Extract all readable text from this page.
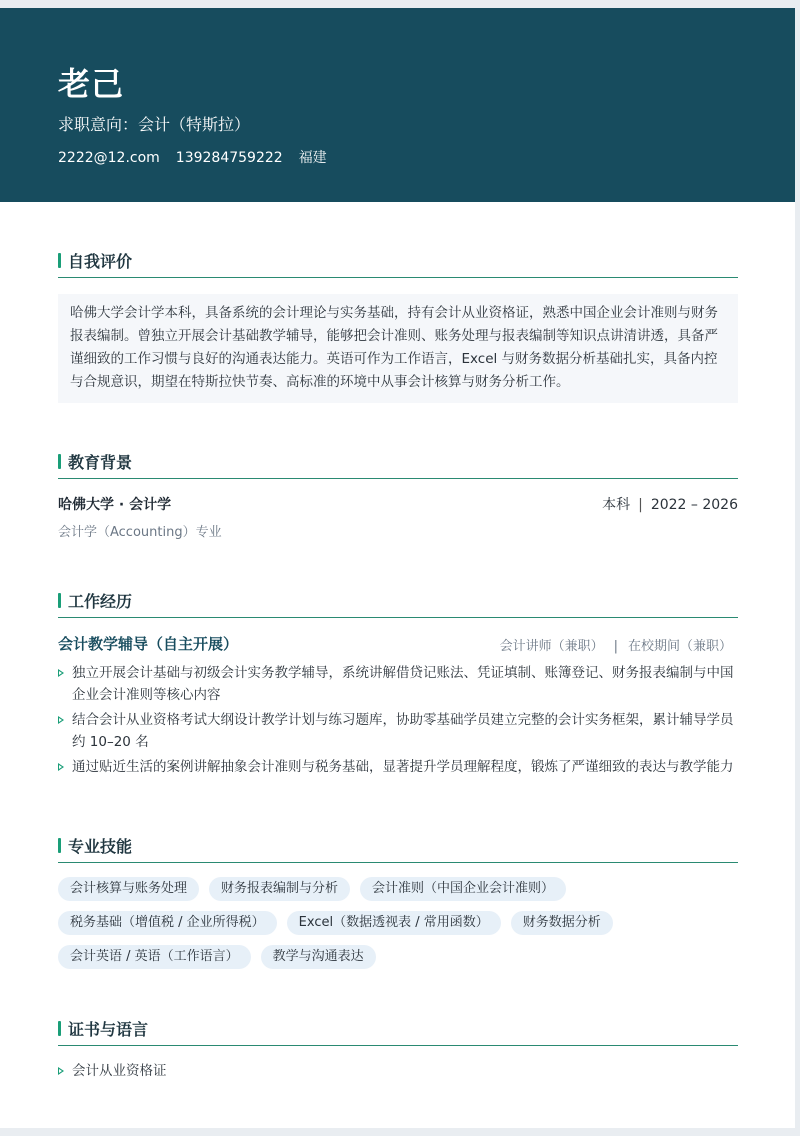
老己
求职意向：会计（特斯拉）
2222@12.com 139284759222 福建
自我评价
哈佛大学会计学本科，具备系统的会计理论与实务基础，持有会计从业资格证，熟悉中国企业会计准则与财务报表编制。曾独立开展会计基础教学辅导，能够把会计准则、账务处理与报表编制等知识点讲清讲透，具备严谨细致的工作习惯与良好的沟通表达能力。英语可作为工作语言，Excel 与财务数据分析基础扎实，具备内控与合规意识，期望在特斯拉快节奏、高标准的环境中从事会计核算与财务分析工作。
教育背景
哈佛大学 · 会计学	本科 | 2022 – 2026
会计学（Accounting）专业
工作经历
会计教学辅导（自主开展）	会计讲师（兼职） | 在校期间（兼职）
独立开展会计基础与初级会计实务教学辅导，系统讲解借贷记账法、凭证填制、账簿登记、财务报表编制与中国企业会计准则等核心内容
结合会计从业资格考试大纲设计教学计划与练习题库，协助零基础学员建立完整的会计实务框架，累计辅导学员约 10–20 名
通过贴近生活的案例讲解抽象会计准则与税务基础，显著提升学员理解程度，锻炼了严谨细致的表达与教学能力
专业技能
会计核算与账务处理	财务报表编制与分析	会计准则（中国企业会计准则）
税务基础（增值税 / 企业所得税）	Excel（数据透视表 / 常用函数）	财务数据分析
会计英语 / 英语（工作语言）	教学与沟通表达
证书与语言
会计从业资格证
